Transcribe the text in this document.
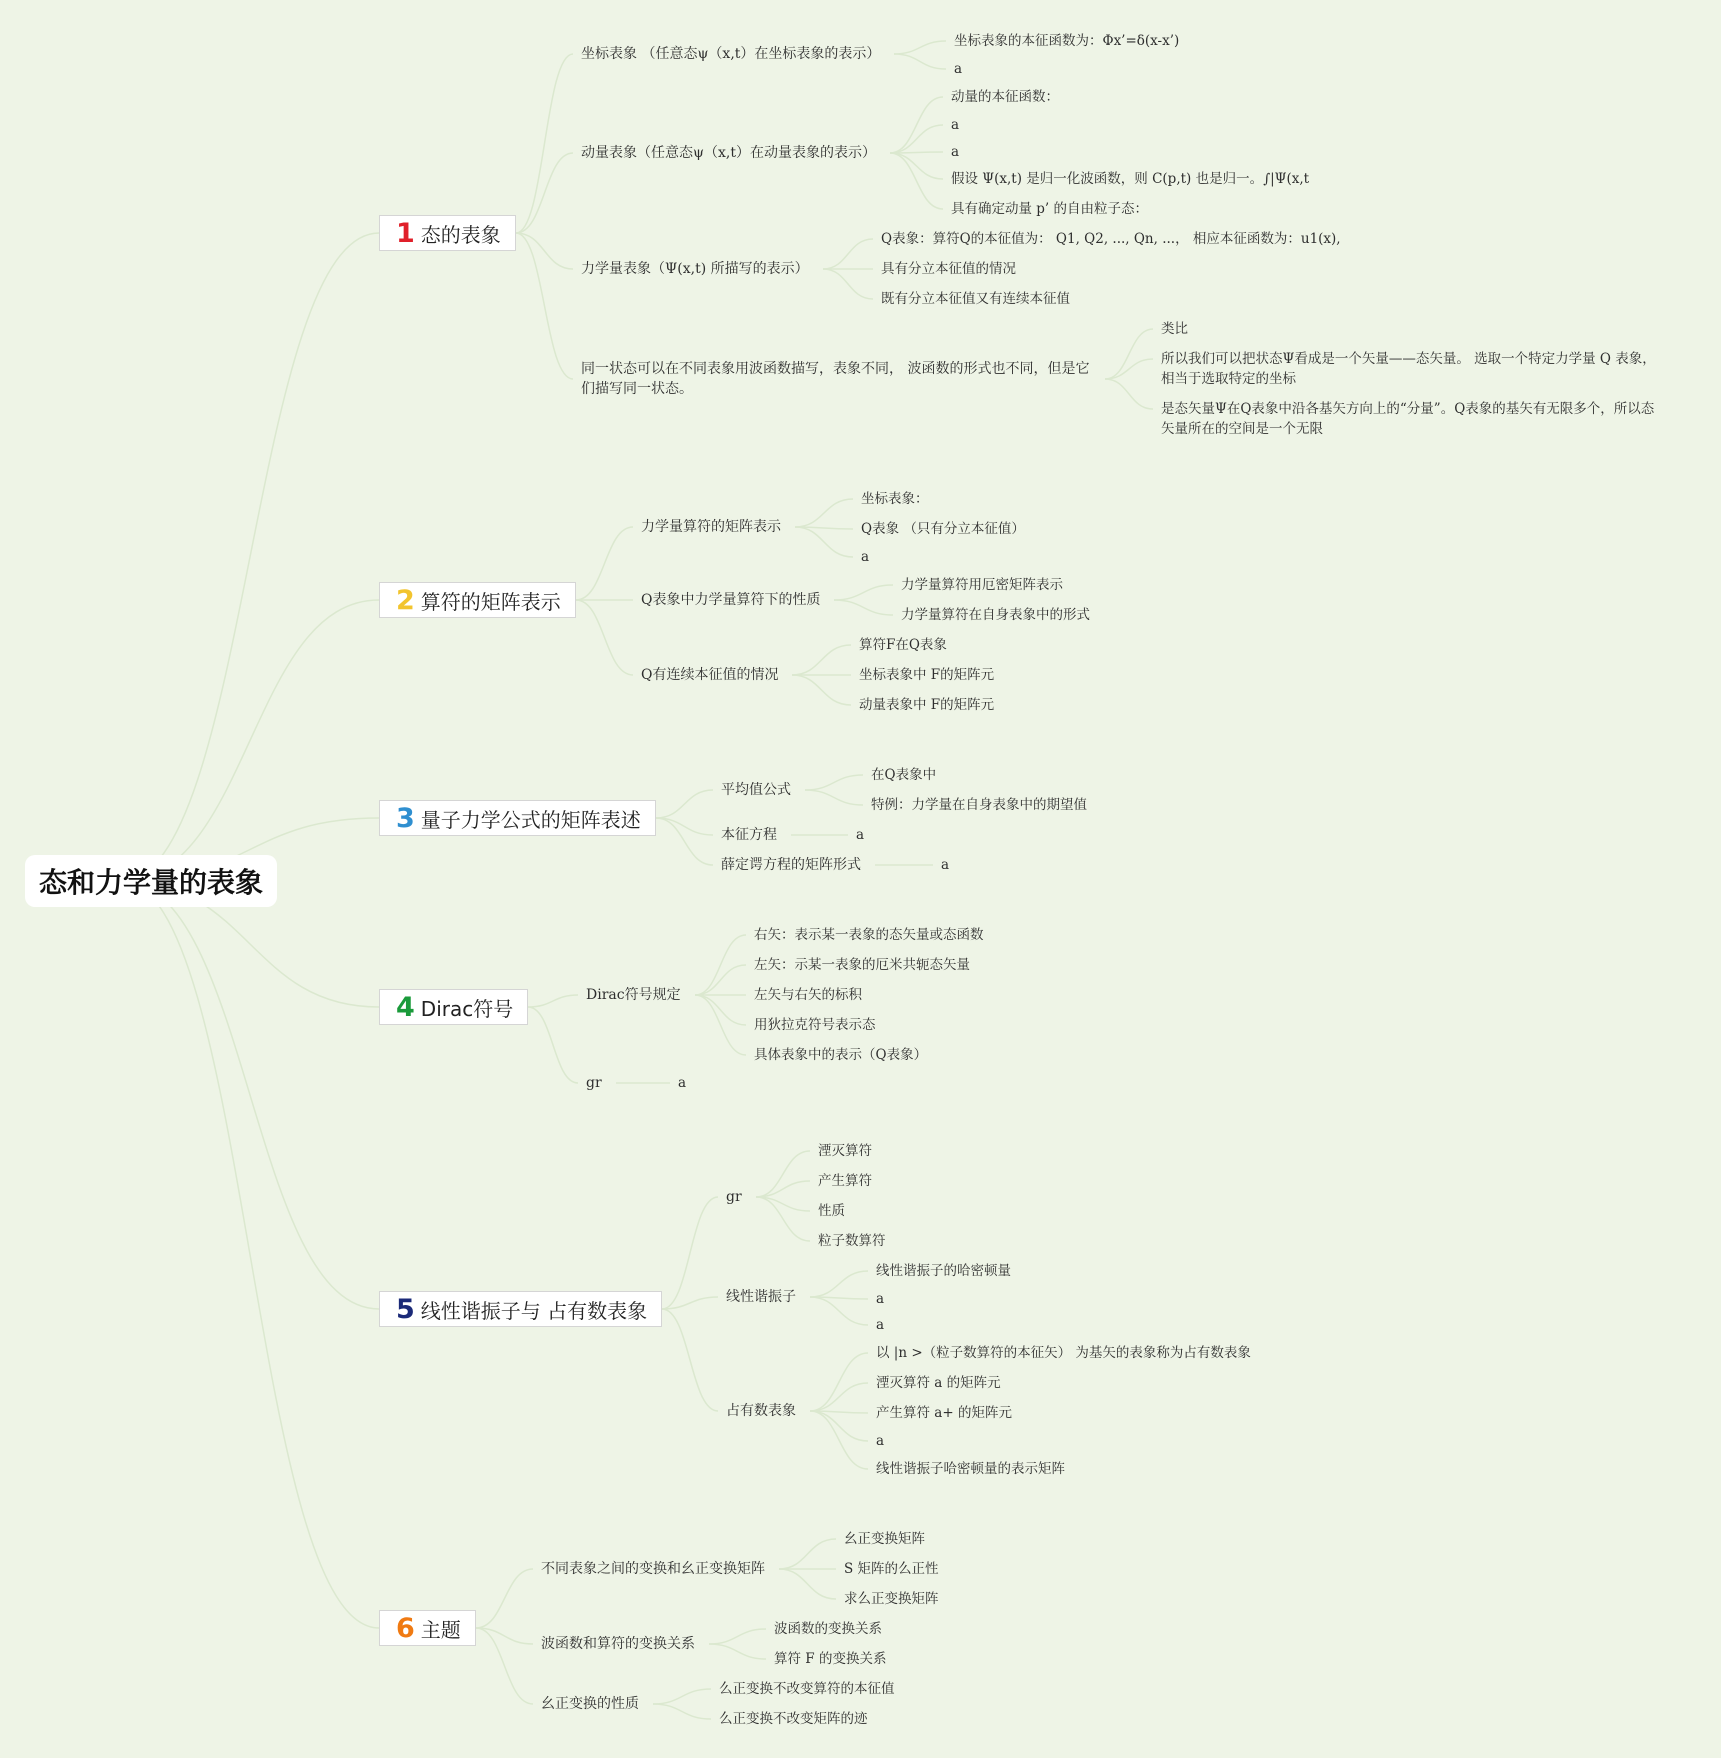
态和力学量的表象
1 态的表象
坐标表象 （任意态ψ（x,t）在坐标表象的表示）
坐标表象的本征函数为：Φx’=δ(x-x’)
a
动量表象（任意态ψ（x,t）在动量表象的表示）
动量的本征函数：
a
a
假设 Ψ(x,t) 是归一化波函数，则 C(p,t) 也是归一。∫|Ψ(x,t
具有确定动量 p’ 的自由粒子态：
力学量表象（Ψ(x,t) 所描写的表示）
Q表象：算符Q的本征值为： Q1, Q2, ..., Qn, ...， 相应本征函数为：u1(x),
具有分立本征值的情况
既有分立本征值又有连续本征值
同一状态可以在不同表象用波函数描写，表象不同， 波函数的形式也不同，但是它们描写同一状态。
类比
所以我们可以把状态Ψ看成是一个矢量——态矢量。 选取一个特定力学量 Q 表象，相当于选取特定的坐标
是态矢量Ψ在Q表象中沿各基矢方向上的“分量”。Q表象的基矢有无限多个，所以态矢量所在的空间是一个无限
2 算符的矩阵表示
力学量算符的矩阵表示
坐标表象：
Q表象 （只有分立本征值）
a
Q表象中力学量算符下的性质
力学量算符用厄密矩阵表示
力学量算符在自身表象中的形式
Q有连续本征值的情况
算符F在Q表象
坐标表象中 F的矩阵元
动量表象中 F的矩阵元
3 量子力学公式的矩阵表述
平均值公式
在Q表象中
特例：力学量在自身表象中的期望值
本征方程	a
薛定谔方程的矩阵形式	a
4 Dirac符号
Dirac符号规定
右矢：表示某一表象的态矢量或态函数
左矢：示某一表象的厄米共轭态矢量
左矢与右矢的标积
用狄拉克符号表示态
具体表象中的表示（Q表象）
gr	a
5 线性谐振子与 占有数表象
gr
湮灭算符
产生算符
性质
粒子数算符
线性谐振子
线性谐振子的哈密顿量
a
a
占有数表象
以 |n >（粒子数算符的本征矢） 为基矢的表象称为占有数表象
湮灭算符 a 的矩阵元
产生算符 a+ 的矩阵元
a
线性谐振子哈密顿量的表示矩阵
6 主题
不同表象之间的变换和幺正变换矩阵
幺正变换矩阵
S 矩阵的么正性
求么正变换矩阵
波函数和算符的变换关系
波函数的变换关系
算符 F 的变换关系
幺正变换的性质
么正变换不改变算符的本征值
么正变换不改变矩阵的迹
